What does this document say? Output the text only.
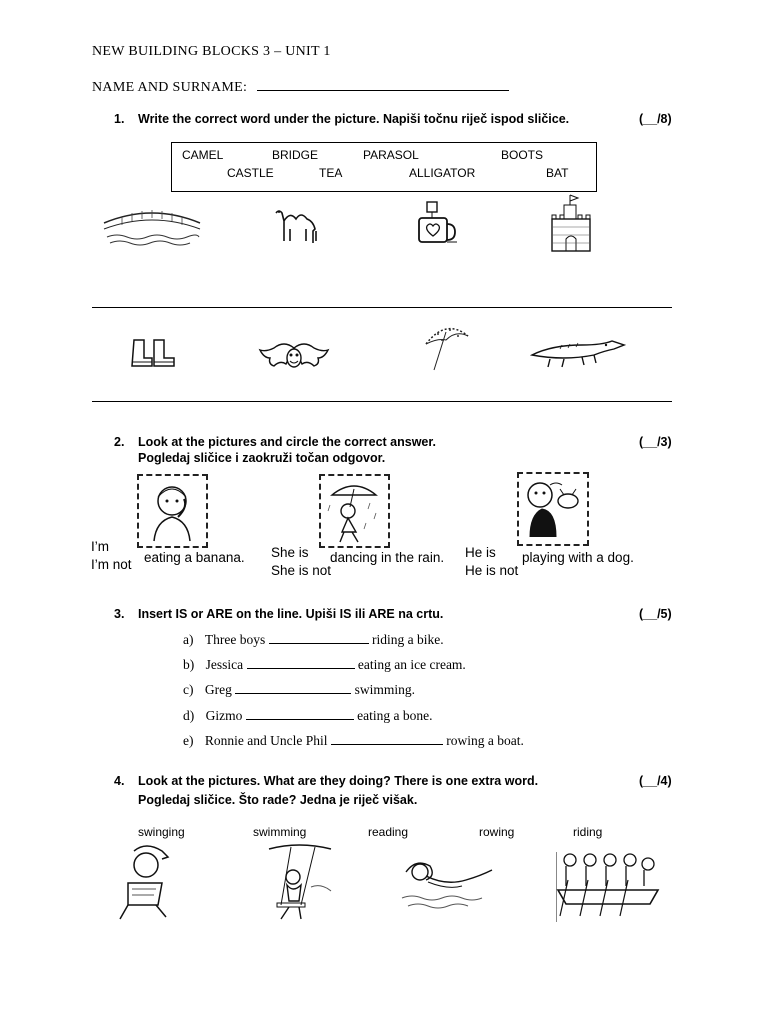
NEW BUILDING BLOCKS 3 – UNIT 1
NAME AND SURNAME:
1. Write the correct word under the picture. Napiši točnu riječ ispod sličice.	(__/8)
CAMEL	BRIDGE	PARASOL	BOOTS
CASTLE	TEA	ALLIGATOR	BAT
2. Look at the pictures and circle the correct answer.	(__/3)
Pogledaj sličice i zaokruži točan odgovor.
I’m
I’m not eating a banana. She is
She is not
dancing in the rain. He is
He is not
playing with a dog.
3. Insert IS or ARE on the line. Upiši IS ili ARE na crtu.	(__/5)
a) Three boys	riding a bike.
b) Jessica	eating an ice cream.
c) Greg	swimming.
d) Gizmo	eating a bone.
e) Ronnie and Uncle Phil	rowing a boat.
4. Look at the pictures. What are they doing? There is one extra word.	(__/4)
Pogledaj sličice. Što rade? Jedna je riječ višak.
swinging	swimming	reading	rowing	riding
